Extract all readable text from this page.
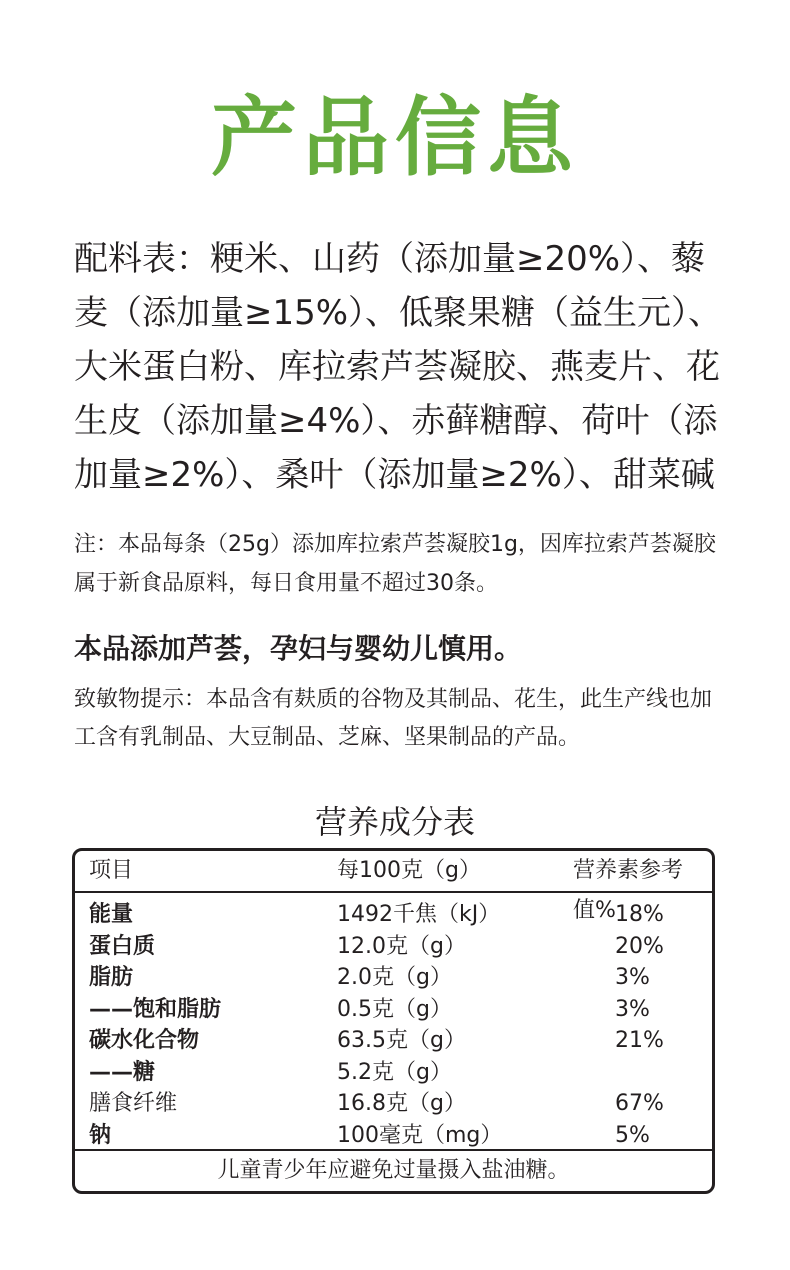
产品信息
配料表：粳米、山药（添加量≥20%）、藜麦（添加量≥15%）、低聚果糖（益生元）、大米蛋白粉、库拉索芦荟凝胶、燕麦片、花生皮（添加量≥4%）、赤藓糖醇、荷叶（添加量≥2%）、桑叶（添加量≥2%）、甜菜碱
注：本品每条（25g）添加库拉索芦荟凝胶1g，因库拉索芦荟凝胶属于新食品原料，每日食用量不超过30条。
本品添加芦荟，孕妇与婴幼儿慎用。
致敏物提示：本品含有麸质的谷物及其制品、花生，此生产线也加工含有乳制品、大豆制品、芝麻、坚果制品的产品。
营养成分表
项目	每100克（g）	营养素参考值%
能量	1492千焦（kJ）	18%
蛋白质	12.0克（g）	20%
脂肪	2.0克（g）	3%
——饱和脂肪	0.5克（g）	3%
碳水化合物	63.5克（g）	21%
——糖	5.2克（g）
膳食纤维	16.8克（g）	67%
钠	100毫克（mg）	5%
儿童青少年应避免过量摄入盐油糖。
